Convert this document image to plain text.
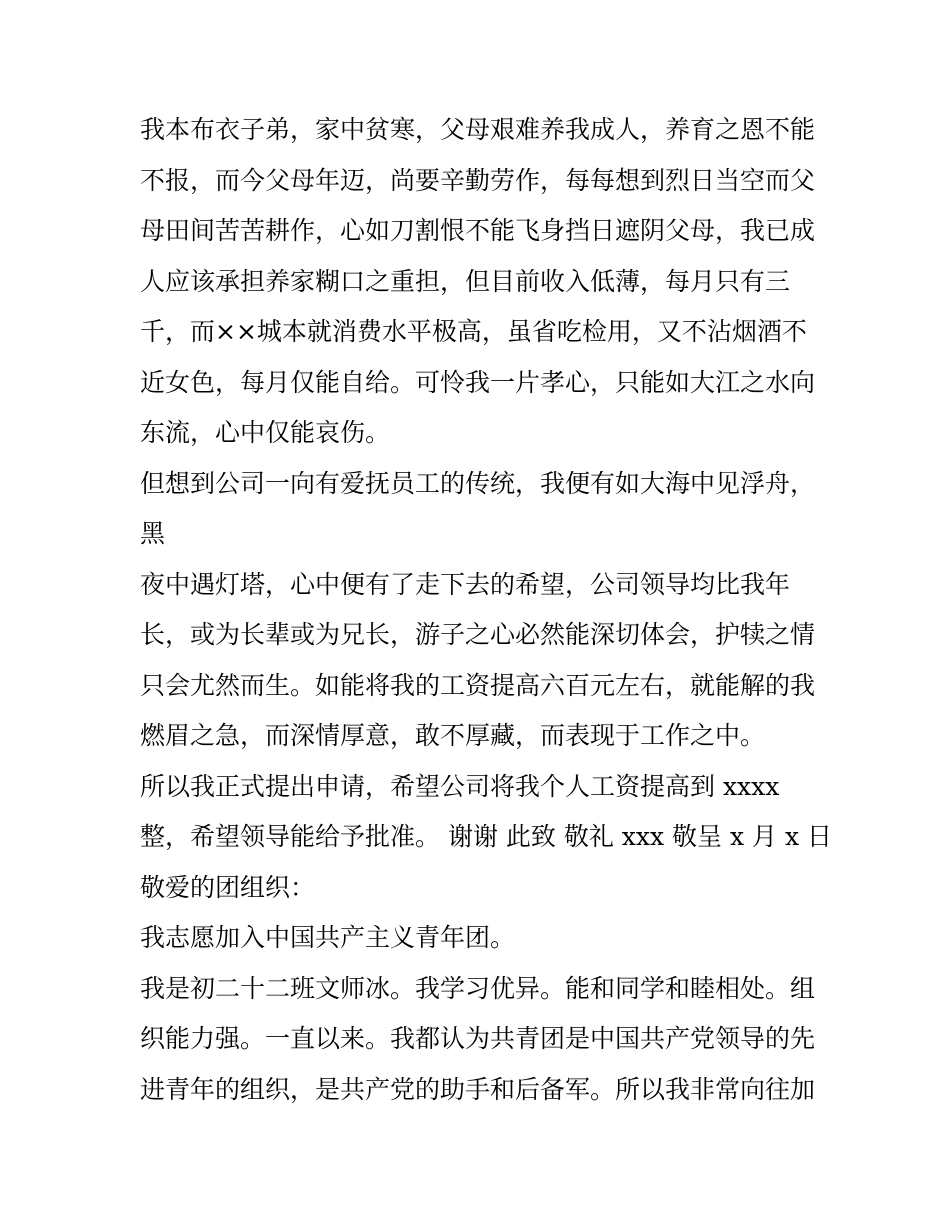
我本布衣子弟，家中贫寒，父母艰难养我成人，养育之恩不能
不报，而今父母年迈，尚要辛勤劳作，每每想到烈日当空而父
母田间苦苦耕作，心如刀割恨不能飞身挡日遮阴父母，我已成
人应该承担养家糊口之重担，但目前收入低薄，每月只有三
千，而××城本就消费水平极高，虽省吃检用，又不沾烟酒不
近女色，每月仅能自给。可怜我一片孝心，只能如大江之水向
东流，心中仅能哀伤。
但想到公司一向有爱抚员工的传统，我便有如大海中见浮舟，
黑
夜中遇灯塔，心中便有了走下去的希望，公司领导均比我年
长，或为长辈或为兄长，游子之心必然能深切体会，护犊之情
只会尤然而生。如能将我的工资提高六百元左右，就能解的我
燃眉之急，而深情厚意，敢不厚藏，而表现于工作之中。
所以我正式提出申请，希望公司将我个人工资提高到 xxxx
整，希望领导能给予批准。 谢谢 此致 敬礼 xxx 敬呈 x 月 x 日
敬爱的团组织：
我志愿加入中国共产主义青年团。
我是初二十二班文师冰。我学习优异。能和同学和睦相处。组
织能力强。一直以来。我都认为共青团是中国共产党领导的先
进青年的组织，是共产党的助手和后备军。所以我非常向往加
